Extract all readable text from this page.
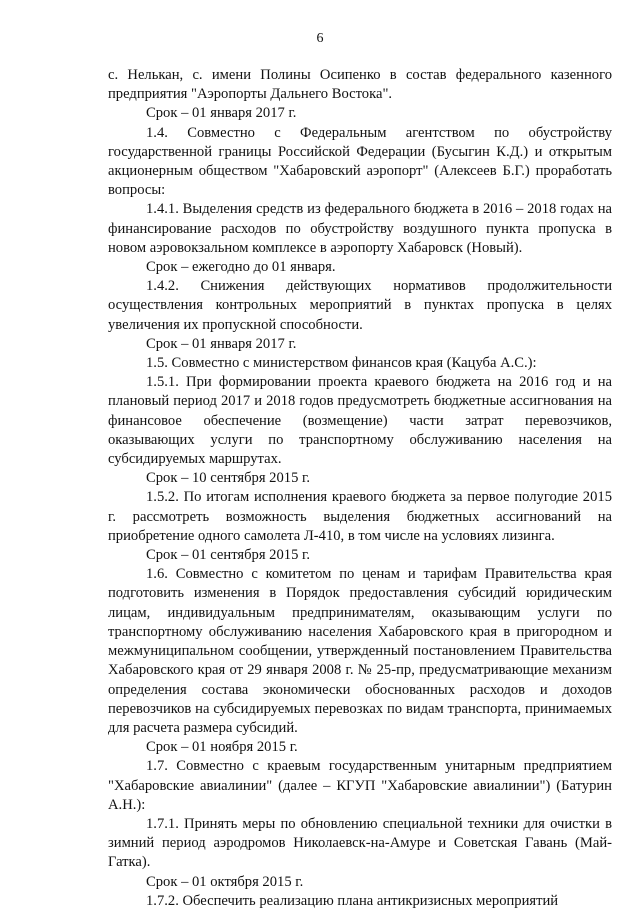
6

с. Нелькан, с. имени Полины Осипенко в состав федерального казенного предприятия "Аэропорты Дальнего Востока".

Срок – 01 января 2017 г.

1.4. Совместно с Федеральным агентством по обустройству государственной границы Российской Федерации (Бусыгин К.Д.) и открытым акционерным обществом "Хабаровский аэропорт" (Алексеев Б.Г.) проработать вопросы:

1.4.1. Выделения средств из федерального бюджета в 2016 – 2018 годах на финансирование расходов по обустройству воздушного пункта пропуска в новом аэровокзальном комплексе в аэропорту Хабаровск (Новый).

Срок – ежегодно до 01 января.

1.4.2. Снижения действующих нормативов продолжительности осуществления контрольных мероприятий в пунктах пропуска в целях увеличения их пропускной способности.

Срок – 01 января 2017 г.

1.5. Совместно с министерством финансов края (Кацуба А.С.):

1.5.1. При формировании проекта краевого бюджета на 2016 год и на плановый период 2017 и 2018 годов предусмотреть бюджетные ассигнования на финансовое обеспечение (возмещение) части затрат перевозчиков, оказывающих услуги по транспортному обслуживанию населения на субсидируемых маршрутах.

Срок – 10 сентября 2015 г.

1.5.2. По итогам исполнения краевого бюджета за первое полугодие 2015 г. рассмотреть возможность выделения бюджетных ассигнований на приобретение одного самолета Л-410, в том числе на условиях лизинга.

Срок – 01 сентября 2015 г.

1.6. Совместно с комитетом по ценам и тарифам Правительства края подготовить изменения в Порядок предоставления субсидий юридическим лицам, индивидуальным предпринимателям, оказывающим услуги по транспортному обслуживанию населения Хабаровского края в пригородном и межмуниципальном сообщении, утвержденный постановлением Правительства Хабаровского края от 29 января 2008 г. № 25-пр, предусматривающие механизм определения состава экономически обоснованных расходов и доходов перевозчиков на субсидируемых перевозках по видам транспорта, принимаемых для расчета размера субсидий.

Срок – 01 ноября 2015 г.

1.7. Совместно с краевым государственным унитарным предприятием "Хабаровские авиалинии" (далее – КГУП "Хабаровские авиалинии") (Батурин А.Н.):

1.7.1. Принять меры по обновлению специальной техники для очистки в зимний период аэродромов Николаевск-на-Амуре и Советская Гавань (Май-Гатка).

Срок – 01 октября 2015 г.

1.7.2. Обеспечить реализацию плана антикризисных мероприятий
